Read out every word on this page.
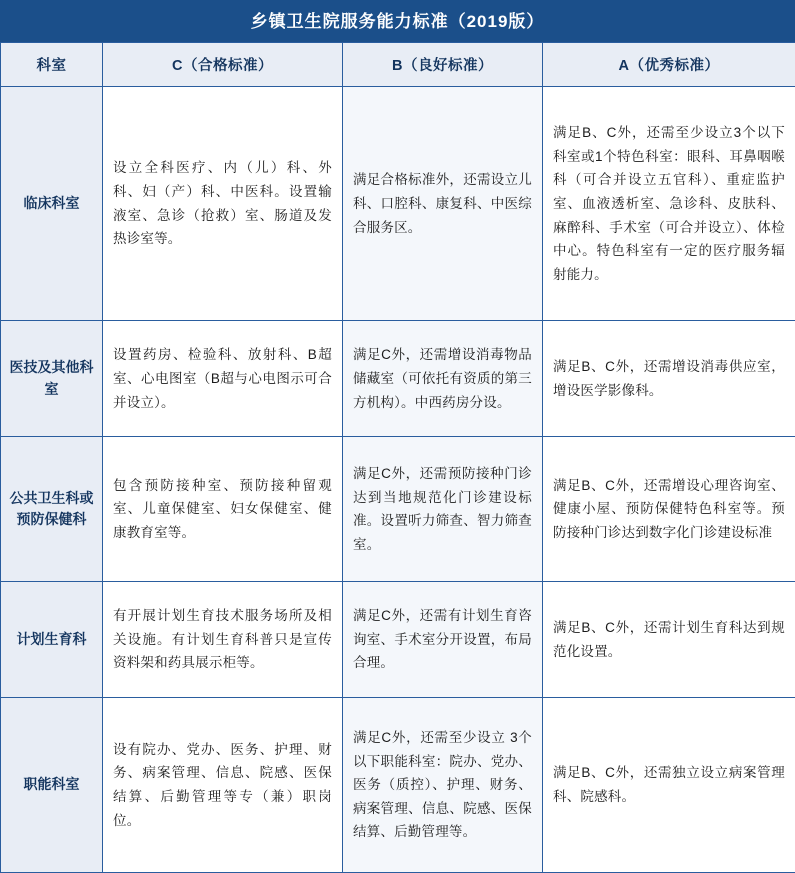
乡镇卫生院服务能力标准（2019版）
科室	C（合格标准）	B（良好标准）	A（优秀标准）
临床科室	设立全科医疗、内（儿）科、外科、妇（产）科、中医科。设置输液室、急诊（抢救）室、肠道及发热诊室等。	满足合格标准外，还需设立儿科、口腔科、康复科、中医综合服务区。	满足B、C外，还需至少设立3个以下科室或1个特色科室：眼科、耳鼻咽喉科（可合并设立五官科）、重症监护室、血液透析室、急诊科、皮肤科、麻醉科、手术室（可合并设立）、体检中心。特色科室有一定的医疗服务辐射能力。
医技及其他科室	设置药房、检验科、放射科、B超室、心电图室（B超与心电图示可合并设立）。	满足C外，还需增设消毒物品储藏室（可依托有资质的第三方机构）。中西药房分设。	满足B、C外，还需增设消毒供应室，增设医学影像科。
公共卫生科或预防保健科	包含预防接种室、预防接种留观室、儿童保健室、妇女保健室、健康教育室等。	满足C外，还需预防接种门诊达到当地规范化门诊建设标准。设置听力筛查、智力筛查室。	满足B、C外，还需增设心理咨询室、健康小屋、预防保健特色科室等。预防接种门诊达到数字化门诊建设标准
计划生育科	有开展计划生育技术服务场所及相关设施。有计划生育科普只是宣传资料架和药具展示柜等。	满足C外，还需有计划生育咨询室、手术室分开设置，布局合理。	满足B、C外，还需计划生育科达到规范化设置。
职能科室	设有院办、党办、医务、护理、财务、病案管理、信息、院感、医保结算、后勤管理等专（兼）职岗位。	满足C外，还需至少设立 3个以下职能科室：院办、党办、医务（质控）、护理、财务、病案管理、信息、院感、医保结算、后勤管理等。	满足B、C外，还需独立设立病案管理科、院感科。
